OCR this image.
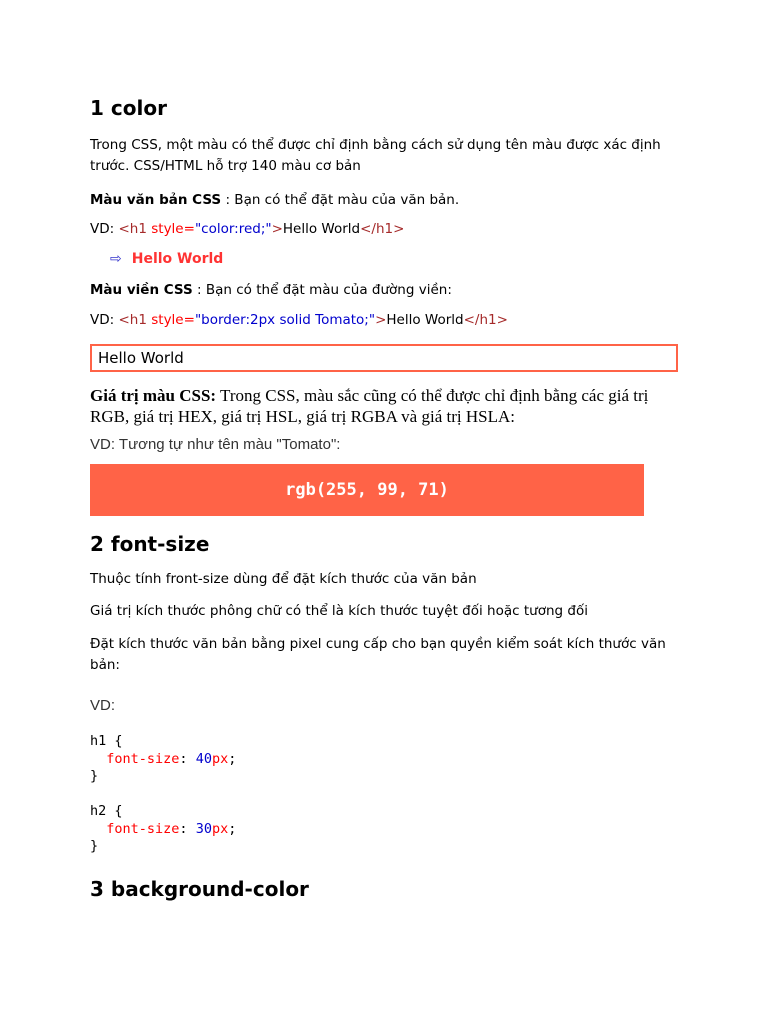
1 color

Trong CSS, một màu có thể được chỉ định bằng cách sử dụng tên màu được xác định trước. CSS/HTML hỗ trợ 140 màu cơ bản

Màu văn bản CSS : Bạn có thể đặt màu của văn bản.

VD: <h1 style="color:red;">Hello World</h1>
⇨ Hello World

Màu viền CSS : Bạn có thể đặt màu của đường viền:

VD: <h1 style="border:2px solid Tomato;">Hello World</h1>
Hello World

Giá trị màu CSS: Trong CSS, màu sắc cũng có thể được chỉ định bằng các giá trị RGB, giá trị HEX, giá trị HSL, giá trị RGBA và giá trị HSLA:

VD: Tương tự như tên màu "Tomato":
rgb(255, 99, 71)
2 font-size

Thuộc tính front-size dùng để đặt kích thước của văn bản

Giá trị kích thước phông chữ có thể là kích thước tuyệt đối hoặc tương đối

Đặt kích thước văn bản bằng pixel cung cấp cho bạn quyền kiểm soát kích thước văn bản:

VD:
h1 {
font-size: 40px;
}

h2 {
font-size: 30px;
}
3 background-color
